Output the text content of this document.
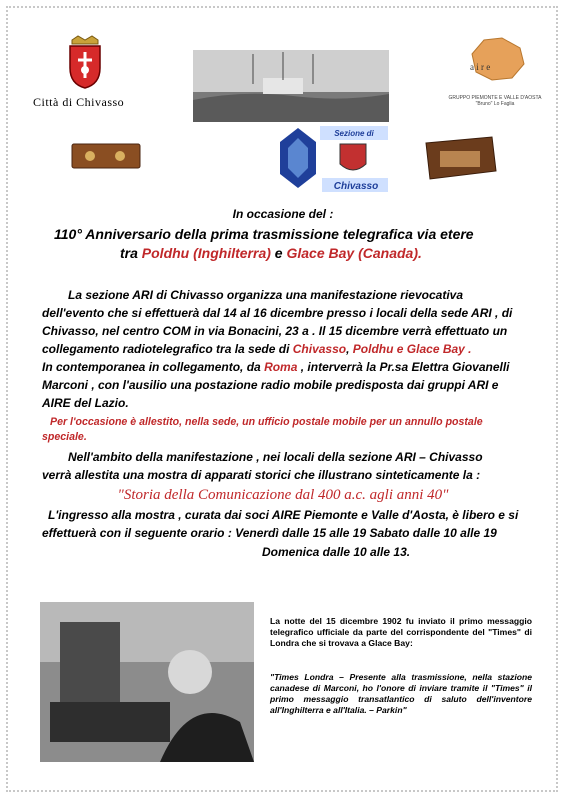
Città di Chivasso
a i r e
GRUPPO PIEMONTE E VALLE D'AOSTA
"Bruno" Lo Faglia
Sezione di
Chivasso
In occasione del :
110° Anniversario della prima trasmissione telegrafica via etere
tra Poldhu (Inghilterra) e Glace Bay (Canada).
La sezione ARI di Chivasso organizza una manifestazione rievocativa
dell'evento che si effettuerà dal 14 al 16 dicembre presso i locali della sede ARI , di
Chivasso, nel centro COM in via Bonacini, 23 a . Il 15 dicembre verrà effettuato un
collegamento radiotelegrafico tra la sede di Chivasso, Poldhu e Glace Bay .
In contemporanea in collegamento, da Roma , interverrà la Pr.sa Elettra Giovanelli
Marconi , con l'ausilio una postazione radio mobile predisposta dai gruppi ARI e
AIRE del Lazio.
Per l'occasione è allestito, nella sede, un ufficio postale mobile per un annullo postale
speciale.
Nell'ambito della manifestazione , nei locali della sezione ARI – Chivasso
verrà allestita una mostra di apparati storici che illustrano sinteticamente la :
"Storia della Comunicazione dal 400 a.c. agli anni 40"
L'ingresso alla mostra , curata dai soci AIRE Piemonte e Valle d'Aosta, è libero e si
effettuerà con il seguente orario : Venerdì dalle 15 alle 19 Sabato dalle 10 alle 19
Domenica dalle 10 alle 13.
La notte del 15 dicembre 1902 fu inviato il primo messaggio telegrafico ufficiale da parte del corrispondente del "Times" di Londra che si trovava a Glace Bay:
"Times Londra – Presente alla trasmissione, nella stazione canadese di Marconi, ho l'onore di inviare tramite il "Times" il primo messaggio transatlantico di saluto dell'inventore all'Inghilterra e all'Italia. – Parkin"
